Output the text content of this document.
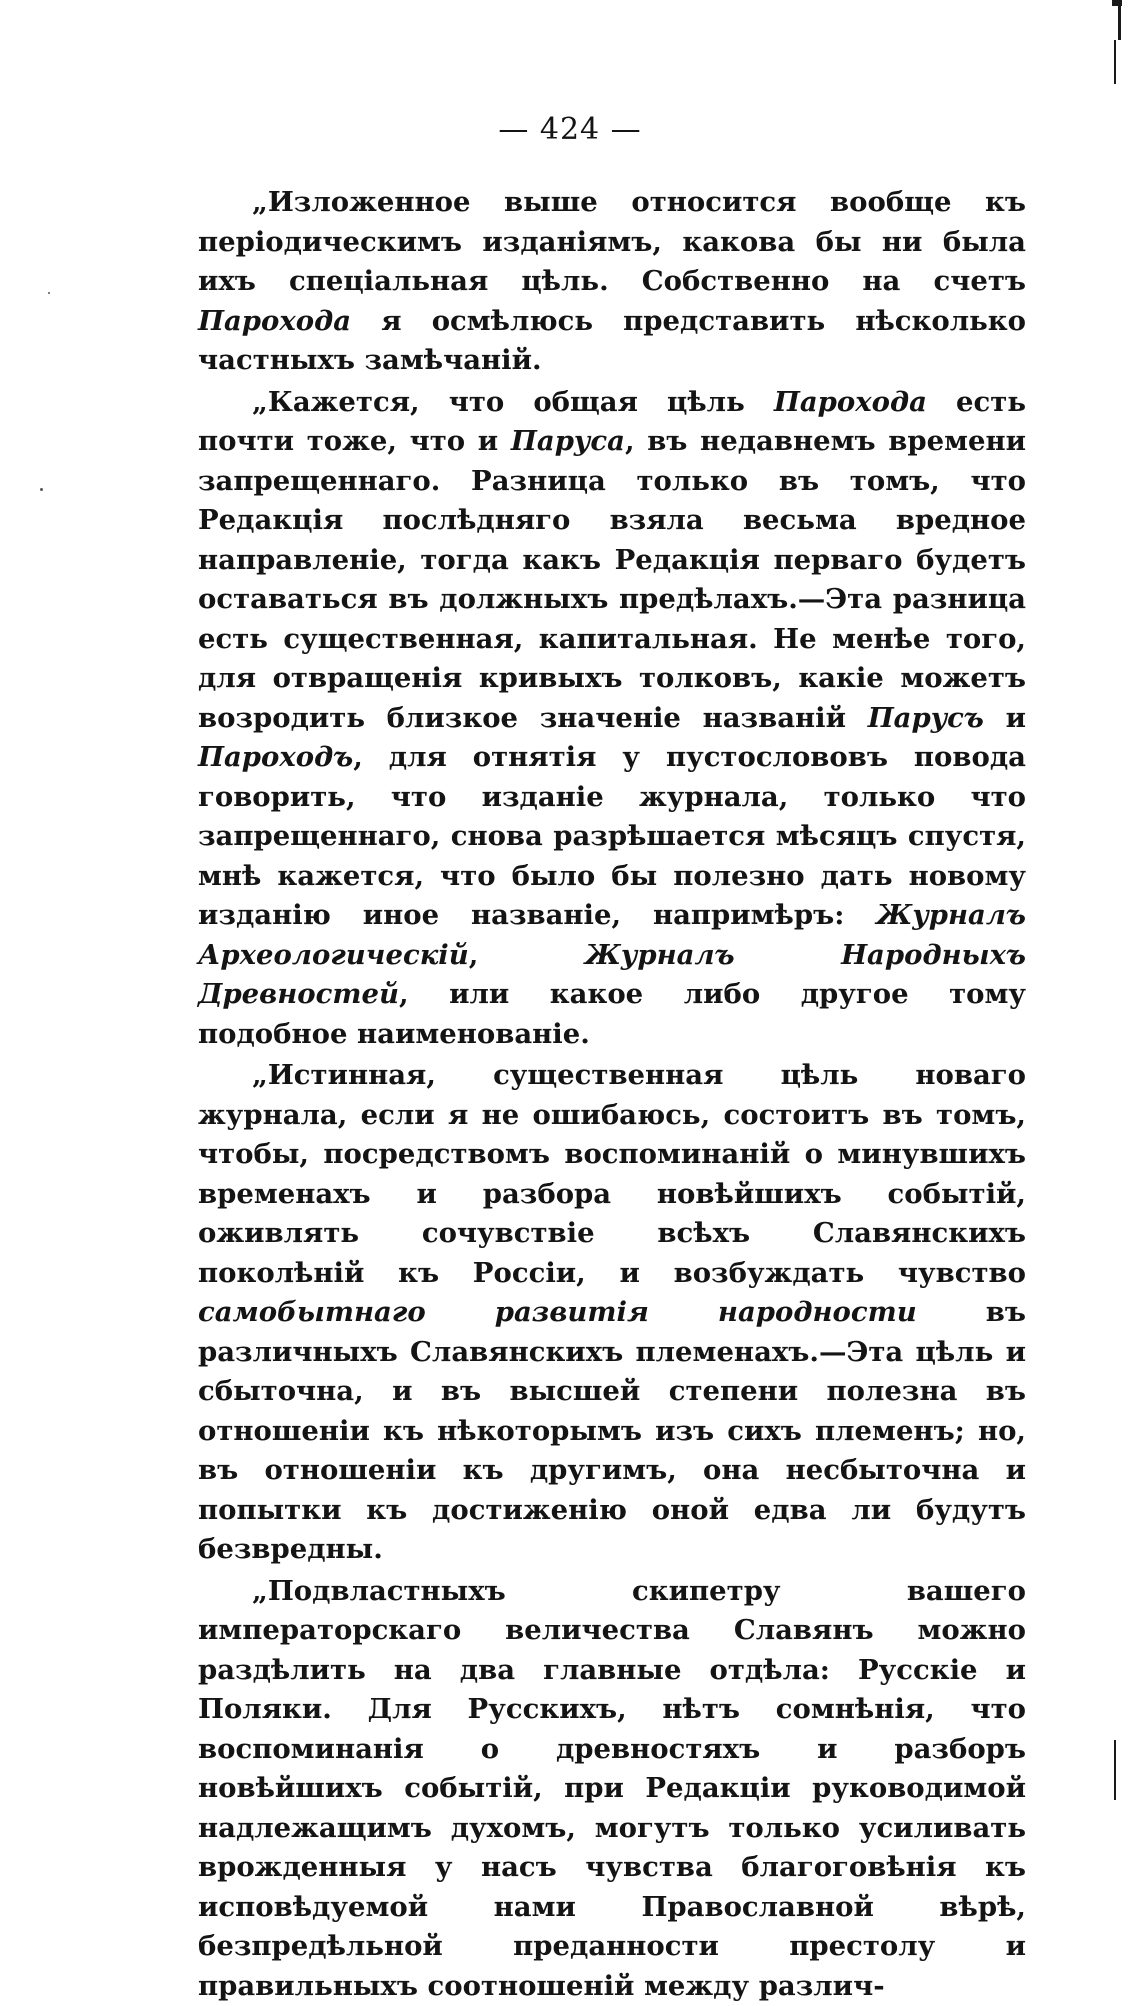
— 424 —

„Изложенное выше относится вообще къ періодическимъ изданіямъ, какова бы ни была ихъ спеціальная цѣль. Собственно на счетъ Парохода я осмѣлюсь представить нѣсколько частныхъ замѣчаній.

„Кажется, что общая цѣль Парохода есть почти тоже, что и Паруса, въ недавнемъ времени запрещеннаго. Разница только въ томъ, что Редакція послѣдняго взяла весьма вредное направленіе, тогда какъ Редакція перваго будетъ оставаться въ должныхъ предѣлахъ.—Эта разница есть существенная, капитальная. Не менѣе того, для отвращенія кривыхъ толковъ, какіе можетъ возродить близкое значеніе названій Парусъ и Пароходъ, для отнятія у пустослововъ повода говорить, что изданіе журнала, только что запрещеннаго, снова разрѣшается мѣсяцъ спустя, мнѣ кажется, что было бы полезно дать новому изданію иное названіе, напримѣръ: Журналъ Археологическій, Журналъ Народныхъ Древностей, или какое либо другое тому подобное наименованіе.

„Истинная, существенная цѣль новаго журнала, если я не ошибаюсь, состоитъ въ томъ, чтобы, посредствомъ воспоминаній о минувшихъ временахъ и разбора новѣйшихъ событій, оживлять сочувствіе всѣхъ Славянскихъ поколѣній къ Россіи, и возбуждать чувство самобытнаго развитія народности въ различныхъ Славянскихъ племенахъ.—Эта цѣль и сбыточна, и въ высшей степени полезна въ отношеніи къ нѣкоторымъ изъ сихъ племенъ; но, въ отношеніи къ другимъ, она несбыточна и попытки къ достиженію оной едва ли будутъ безвредны.

„Подвластныхъ скипетру вашего императорскаго величества Славянъ можно раздѣлить на два главные отдѣла: Русскіе и Поляки. Для Русскихъ, нѣтъ сомнѣнія, что воспоминанія о древностяхъ и разборъ новѣйшихъ событій, при Редакціи руководимой надлежащимъ духомъ, могутъ только усиливать врожденныя у насъ чувства благоговѣнія къ исповѣдуемой нами Православной вѣрѣ, безпредѣльной преданности престолу и правильныхъ соотношеній между различ-
